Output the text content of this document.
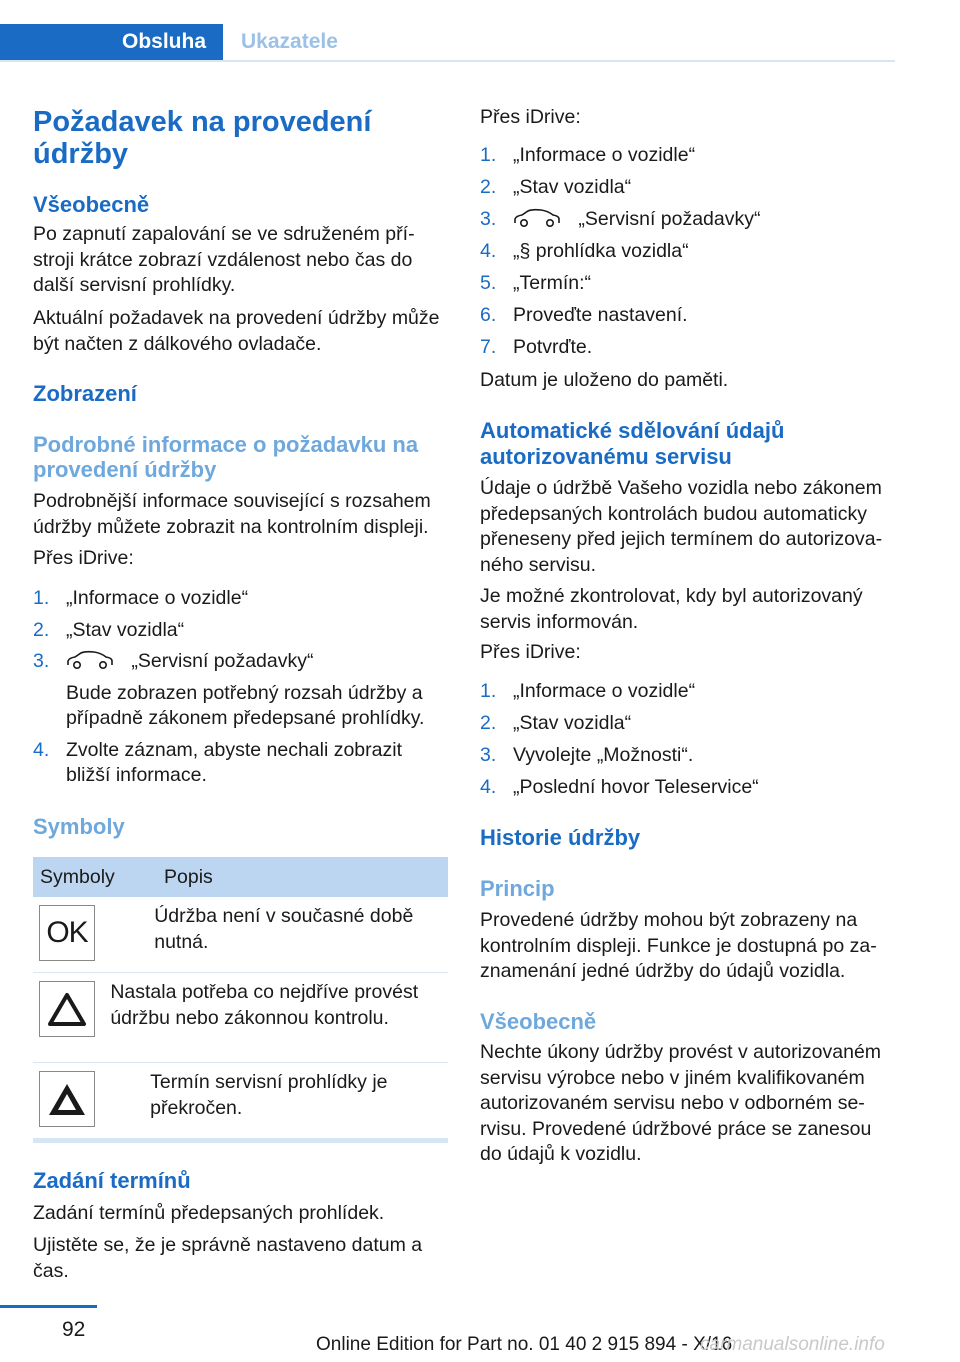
Obsluha	Ukazatele
Požadavek na provedení údržby
Všeobecně

Po zapnutí zapalování se ve sdruženém přístroji krátce zobrazí vzdálenost nebo čas do další servisní prohlídky.

Aktuální požadavek na provedení údržby může být načten z dálkového ovladače.

Zobrazení
Podrobné informace o požadavku na provedení údržby

Podrobnější informace související s rozsahem údržby můžete zobrazit na kontrolním displeji.

Přes iDrive:

1. „Informace o vozidle“
2. „Stav vozidla“
3.	„Servisní požadavky“
Bude zobrazen potřebný rozsah údržby a případně zákonem předepsané prohlídky.
4. Zvolte záznam, abyste nechali zobrazit bližší informace.
Symboly
Symboly	Popis
OK	Údržba není v současné době nutná.
Nastala potřeba co nejdříve provést údržbu nebo zákonnou kontrolu.
Termín servisní prohlídky je překročen.
Zadání termínů

Zadání termínů předepsaných prohlídek.

Ujistěte se, že je správně nastaveno datum a čas.

Přes iDrive:

1. „Informace o vozidle“
2. „Stav vozidla“
3.	„Servisní požadavky“
4. „§ prohlídka vozidla“
5. „Termín:“
6. Proveďte nastavení.
7. Potvrďte.

Datum je uloženo do paměti.

Automatické sdělování údajů autorizovanému servisu

Údaje o údržbě Vašeho vozidla nebo zákonem předepsaných kontrolách budou automaticky přeneseny před jejich termínem do autorizovaného servisu.

Je možné zkontrolovat, kdy byl autorizovaný servis informován.

Přes iDrive:

1. „Informace o vozidle“
2. „Stav vozidla“
3. Vyvolejte „Možnosti“.
4. „Poslední hovor Teleservice“
Historie údržby
Princip

Provedené údržby mohou být zobrazeny na kontrolním displeji. Funkce je dostupná po zaznamenání jedné údržby do údajů vozidla.

Všeobecně

Nechte úkony údržby provést v autorizovaném servisu výrobce nebo v jiném kvalifikovaném autorizovaném servisu nebo v odborném servisu. Provedené údržbové práce se zanesou do údajů k vozidlu.

92
Online Edition for Part no. 01 40 2 915 894 - X/16
carmanualsonline.info
